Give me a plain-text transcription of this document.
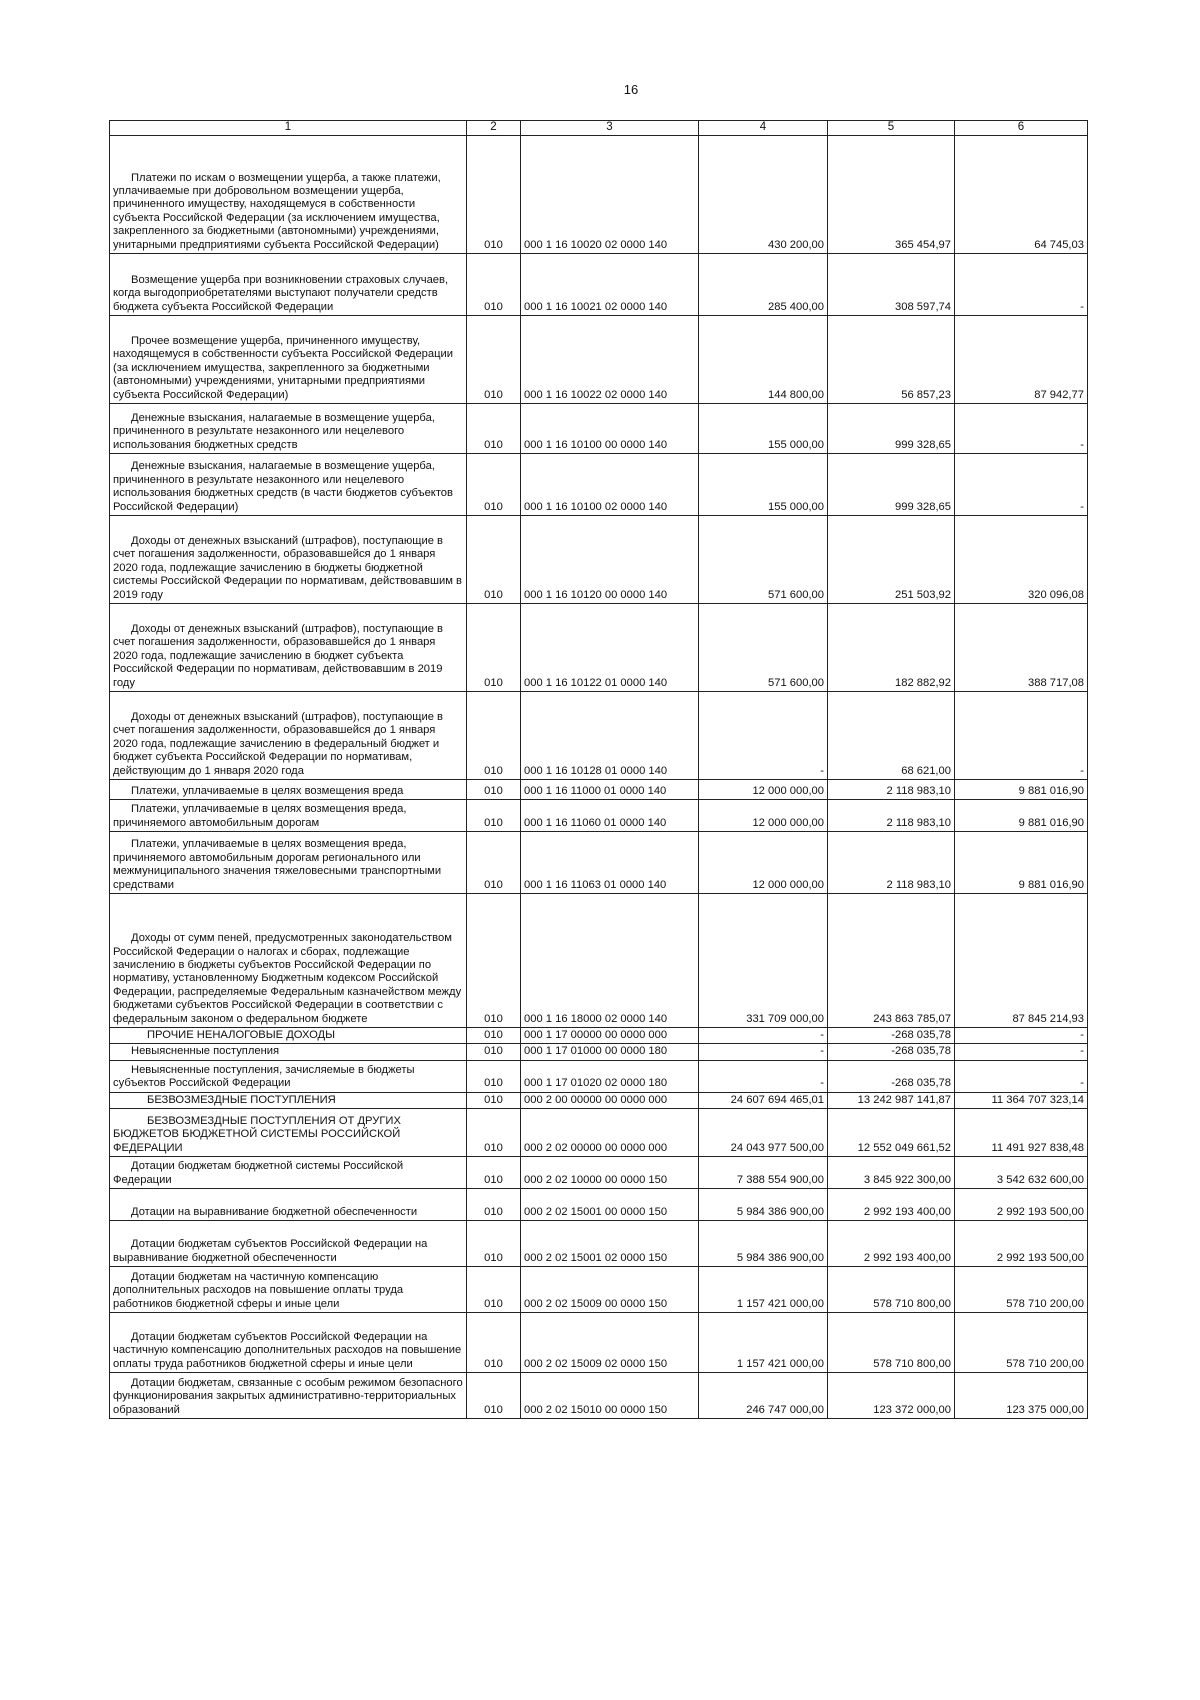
16
1	2	3	4	5	6

Платежи по искам о возмещении ущерба, а также платежи, уплачиваемые при добровольном возмещении ущерба, причиненного имуществу, находящемуся в собственности субъекта Российской Федерации (за исключением имущества, закрепленного за бюджетными (автономными) учреждениями, унитарными предприятиями субъекта Российской Федерации)	010	000 1 16 10020 02 0000 140	430 200,00	365 454,97	64 745,03

Возмещение ущерба при возникновении страховых случаев, когда выгодоприобретателями выступают получатели средств бюджета субъекта Российской Федерации	010	000 1 16 10021 02 0000 140	285 400,00	308 597,74	-

Прочее возмещение ущерба, причиненного имуществу, находящемуся в собственности субъекта Российской Федерации (за исключением имущества, закрепленного за бюджетными (автономными) учреждениями, унитарными предприятиями субъекта Российской Федерации)	010	000 1 16 10022 02 0000 140	144 800,00	56 857,23	87 942,77

Денежные взыскания, налагаемые в возмещение ущерба, причиненного в результате незаконного или нецелевого использования бюджетных средств	010	000 1 16 10100 00 0000 140	155 000,00	999 328,65	-

Денежные взыскания, налагаемые в возмещение ущерба, причиненного в результате незаконного или нецелевого использования бюджетных средств (в части бюджетов субъектов Российской Федерации)	010	000 1 16 10100 02 0000 140	155 000,00	999 328,65	-

Доходы от денежных взысканий (штрафов), поступающие в счет погашения задолженности, образовавшейся до 1 января 2020 года, подлежащие зачислению в бюджеты бюджетной системы Российской Федерации по нормативам, действовавшим в 2019 году	010	000 1 16 10120 00 0000 140	571 600,00	251 503,92	320 096,08

Доходы от денежных взысканий (штрафов), поступающие в счет погашения задолженности, образовавшейся до 1 января 2020 года, подлежащие зачислению в бюджет субъекта Российской Федерации по нормативам, действовавшим в 2019 году	010	000 1 16 10122 01 0000 140	571 600,00	182 882,92	388 717,08

Доходы от денежных взысканий (штрафов), поступающие в счет погашения задолженности, образовавшейся до 1 января 2020 года, подлежащие зачислению в федеральный бюджет и бюджет субъекта Российской Федерации по нормативам, действующим до 1 января 2020 года	010	000 1 16 10128 01 0000 140	-	68 621,00	-

Платежи, уплачиваемые в целях возмещения вреда	010	000 1 16 11000 01 0000 140	12 000 000,00	2 118 983,10	9 881 016,90

Платежи, уплачиваемые в целях возмещения вреда, причиняемого автомобильным дорогам	010	000 1 16 11060 01 0000 140	12 000 000,00	2 118 983,10	9 881 016,90

Платежи, уплачиваемые в целях возмещения вреда, причиняемого автомобильным дорогам регионального или межмуниципального значения тяжеловесными транспортными средствами	010	000 1 16 11063 01 0000 140	12 000 000,00	2 118 983,10	9 881 016,90

Доходы от сумм пеней, предусмотренных законодательством Российской Федерации о налогах и сборах, подлежащие зачислению в бюджеты субъектов Российской Федерации по нормативу, установленному Бюджетным кодексом Российской Федерации, распределяемые Федеральным казначейством между бюджетами субъектов Российской Федерации в соответствии с федеральным законом о федеральном бюджете	010	000 1 16 18000 02 0000 140	331 709 000,00	243 863 785,07	87 845 214,93

ПРОЧИЕ НЕНАЛОГОВЫЕ ДОХОДЫ	010	000 1 17 00000 00 0000 000	-	-268 035,78	-

Невыясненные поступления	010	000 1 17 01000 00 0000 180	-	-268 035,78	-

Невыясненные поступления, зачисляемые в бюджеты субъектов Российской Федерации	010	000 1 17 01020 02 0000 180	-	-268 035,78	-

БЕЗВОЗМЕЗДНЫЕ ПОСТУПЛЕНИЯ	010	000 2 00 00000 00 0000 000	24 607 694 465,01	13 242 987 141,87	11 364 707 323,14

БЕЗВОЗМЕЗДНЫЕ ПОСТУПЛЕНИЯ ОТ ДРУГИХ БЮДЖЕТОВ БЮДЖЕТНОЙ СИСТЕМЫ РОССИЙСКОЙ ФЕДЕРАЦИИ	010	000 2 02 00000 00 0000 000	24 043 977 500,00	12 552 049 661,52	11 491 927 838,48

Дотации бюджетам бюджетной системы Российской Федерации	010	000 2 02 10000 00 0000 150	7 388 554 900,00	3 845 922 300,00	3 542 632 600,00

Дотации на выравнивание бюджетной обеспеченности	010	000 2 02 15001 00 0000 150	5 984 386 900,00	2 992 193 400,00	2 992 193 500,00

Дотации бюджетам субъектов Российской Федерации на выравнивание бюджетной обеспеченности	010	000 2 02 15001 02 0000 150	5 984 386 900,00	2 992 193 400,00	2 992 193 500,00

Дотации бюджетам на частичную компенсацию дополнительных расходов на повышение оплаты труда работников бюджетной сферы и иные цели	010	000 2 02 15009 00 0000 150	1 157 421 000,00	578 710 800,00	578 710 200,00

Дотации бюджетам субъектов Российской Федерации на частичную компенсацию дополнительных расходов на повышение оплаты труда работников бюджетной сферы и иные цели	010	000 2 02 15009 02 0000 150	1 157 421 000,00	578 710 800,00	578 710 200,00

Дотации бюджетам, связанные с особым режимом безопасного функционирования закрытых административно-территориальных образований	010	000 2 02 15010 00 0000 150	246 747 000,00	123 372 000,00	123 375 000,00
